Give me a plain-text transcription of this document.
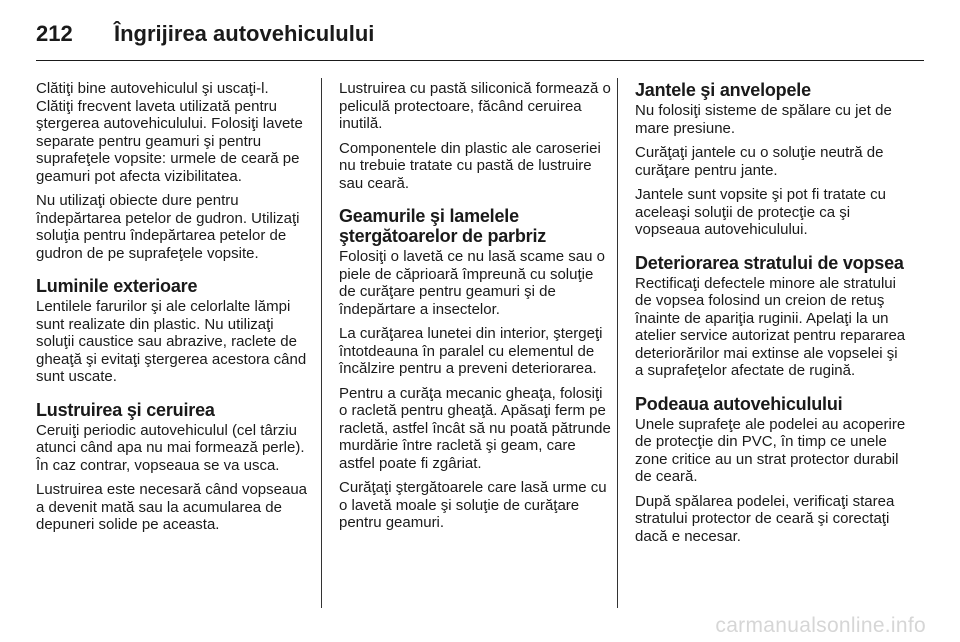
212	Îngrijirea autovehiculului

Clătiţi bine autovehiculul şi uscaţi-l. Clătiţi frecvent laveta utilizată pentru ştergerea autovehiculului. Folosiţi lavete separate pentru geamuri şi pentru suprafeţele vopsite: urmele de ceară pe geamuri pot afecta vizibilitatea.

Nu utilizaţi obiecte dure pentru îndepărtarea petelor de gudron. Utilizaţi soluţia pentru îndepărtarea petelor de gudron de pe suprafeţele vopsite.

Luminile exterioare

Lentilele farurilor şi ale celorlalte lămpi sunt realizate din plastic. Nu utilizaţi soluţii caustice sau abrazive, raclete de gheaţă şi evitaţi ştergerea acestora când sunt uscate.

Lustruirea şi ceruirea

Ceruiţi periodic autovehiculul (cel târziu atunci când apa nu mai formează perle). În caz contrar, vopseaua se va usca.

Lustruirea este necesară când vopseaua a devenit mată sau la acumularea de depuneri solide pe aceasta.

Lustruirea cu pastă siliconică formează o peliculă protectoare, făcând ceruirea inutilă.

Componentele din plastic ale caroseriei nu trebuie tratate cu pastă de lustruire sau ceară.

Geamurile şi lamelele ştergătoarelor de parbriz

Folosiţi o lavetă ce nu lasă scame sau o piele de căprioară împreună cu soluţie de curăţare pentru geamuri şi de îndepărtare a insectelor.

La curăţarea lunetei din interior, ştergeţi întotdeauna în paralel cu elementul de încălzire pentru a preveni deteriorarea.

Pentru a curăţa mecanic gheaţa, folosiţi o racletă pentru gheaţă. Apăsaţi ferm pe racletă, astfel încât să nu poată pătrunde murdărie între racletă şi geam, care astfel poate fi zgâriat.

Curăţaţi ştergătoarele care lasă urme cu o lavetă moale şi soluţie de curăţare pentru geamuri.

Jantele şi anvelopele

Nu folosiţi sisteme de spălare cu jet de mare presiune.

Curăţaţi jantele cu o soluţie neutră de curăţare pentru jante.

Jantele sunt vopsite şi pot fi tratate cu aceleaşi soluţii de protecţie ca şi vopseaua autovehiculului.

Deteriorarea stratului de vopsea

Rectificaţi defectele minore ale stratului de vopsea folosind un creion de retuş înainte de apariţia ruginii. Apelaţi la un atelier service autorizat pentru repararea deteriorărilor mai extinse ale vopselei şi a suprafeţelor afectate de rugină.

Podeaua autovehiculului

Unele suprafeţe ale podelei au acoperire de protecţie din PVC, în timp ce unele zone critice au un strat protector durabil de ceară.

După spălarea podelei, verificaţi starea stratului protector de ceară şi corectaţi dacă e necesar.

carmanualsonline.info
